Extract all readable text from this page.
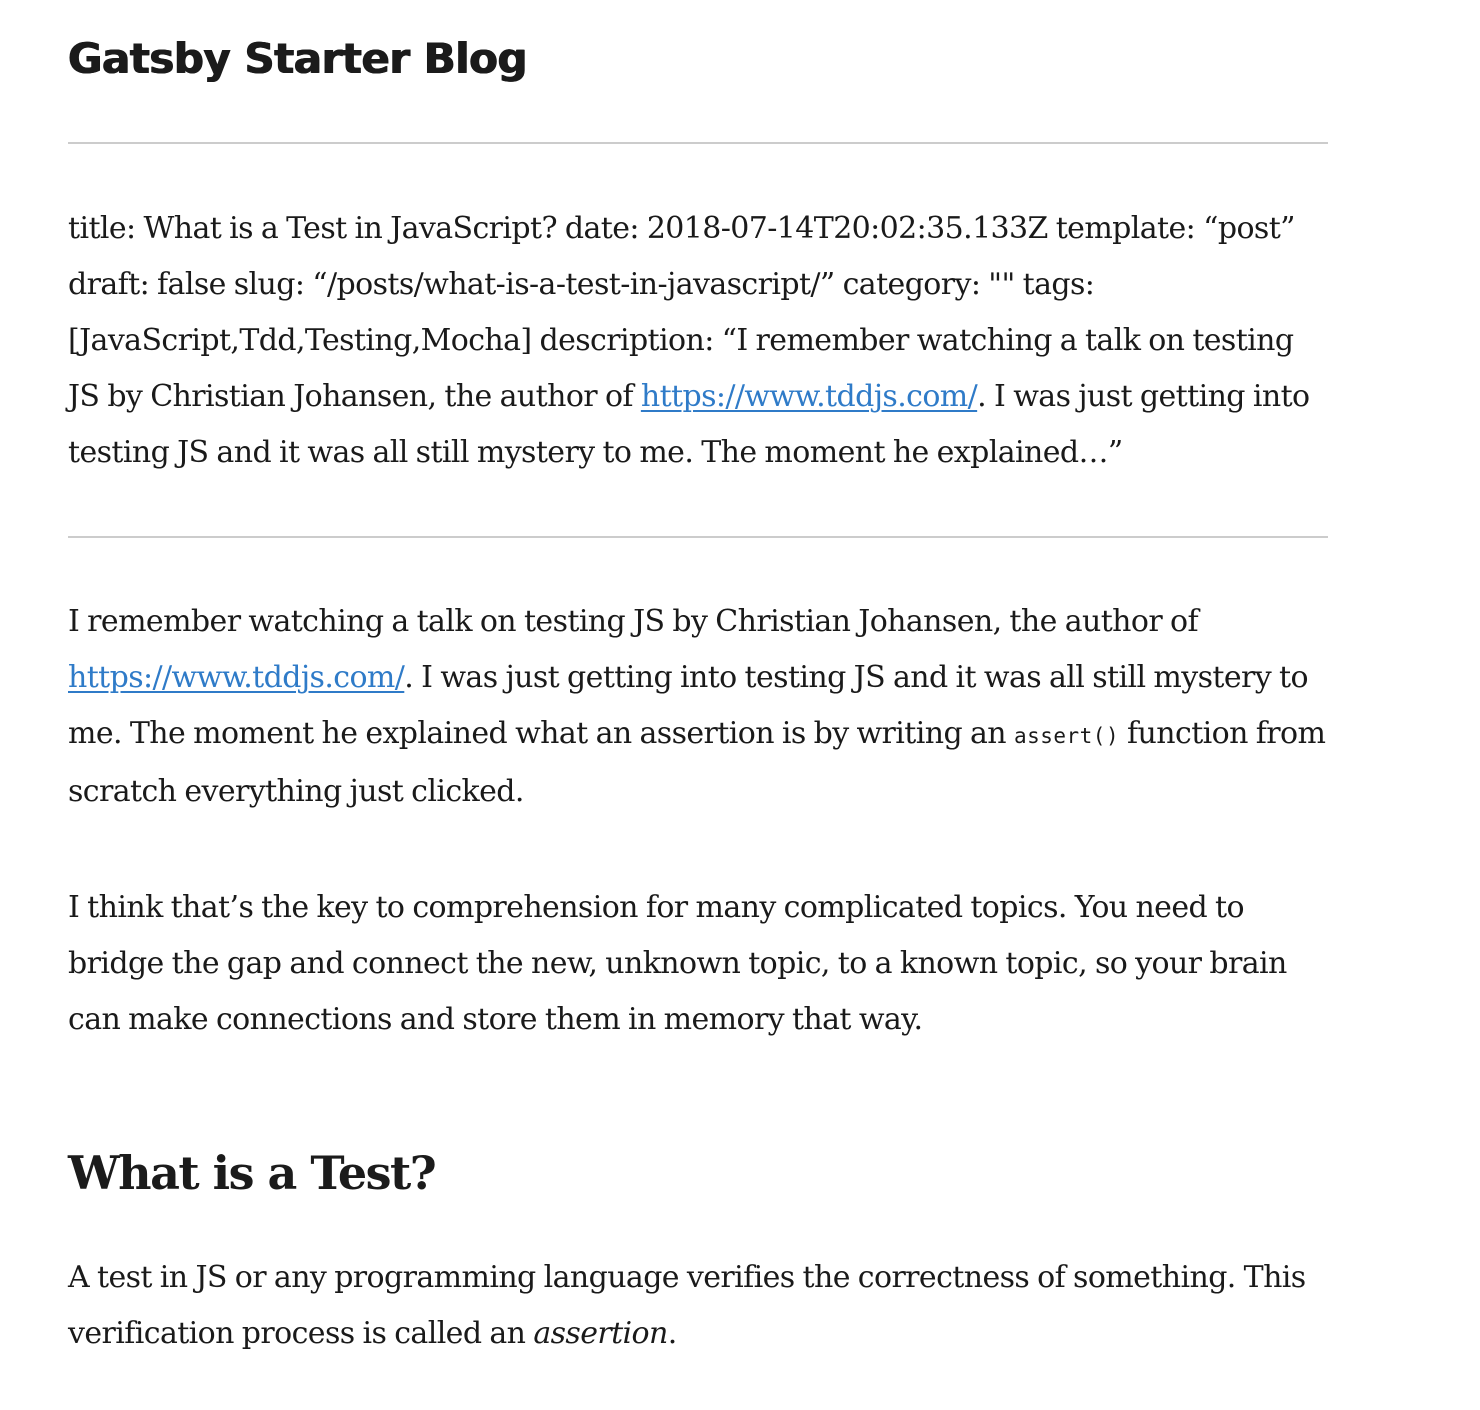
Gatsby Starter Blog

title: What is a Test in JavaScript? date: 2018-07-14T20:02:35.133Z template: “post” draft: false slug: “/posts/what-is-a-test-in-javascript/” category: "" tags: [JavaScript,Tdd,Testing,Mocha] description: “I remember watching a talk on testing JS by Christian Johansen, the author of https://www.tddjs.com/. I was just getting into testing JS and it was all still mystery to me. The moment he explained…”

I remember watching a talk on testing JS by Christian Johansen, the author of https://www.tddjs.com/. I was just getting into testing JS and it was all still mystery to me. The moment he explained what an assertion is by writing an assert() function from scratch everything just clicked.

I think that’s the key to comprehension for many complicated topics. You need to bridge the gap and connect the new, unknown topic, to a known topic, so your brain can make connections and store them in memory that way.

What is a Test?

A test in JS or any programming language verifies the correctness of something. This verification process is called an assertion.
